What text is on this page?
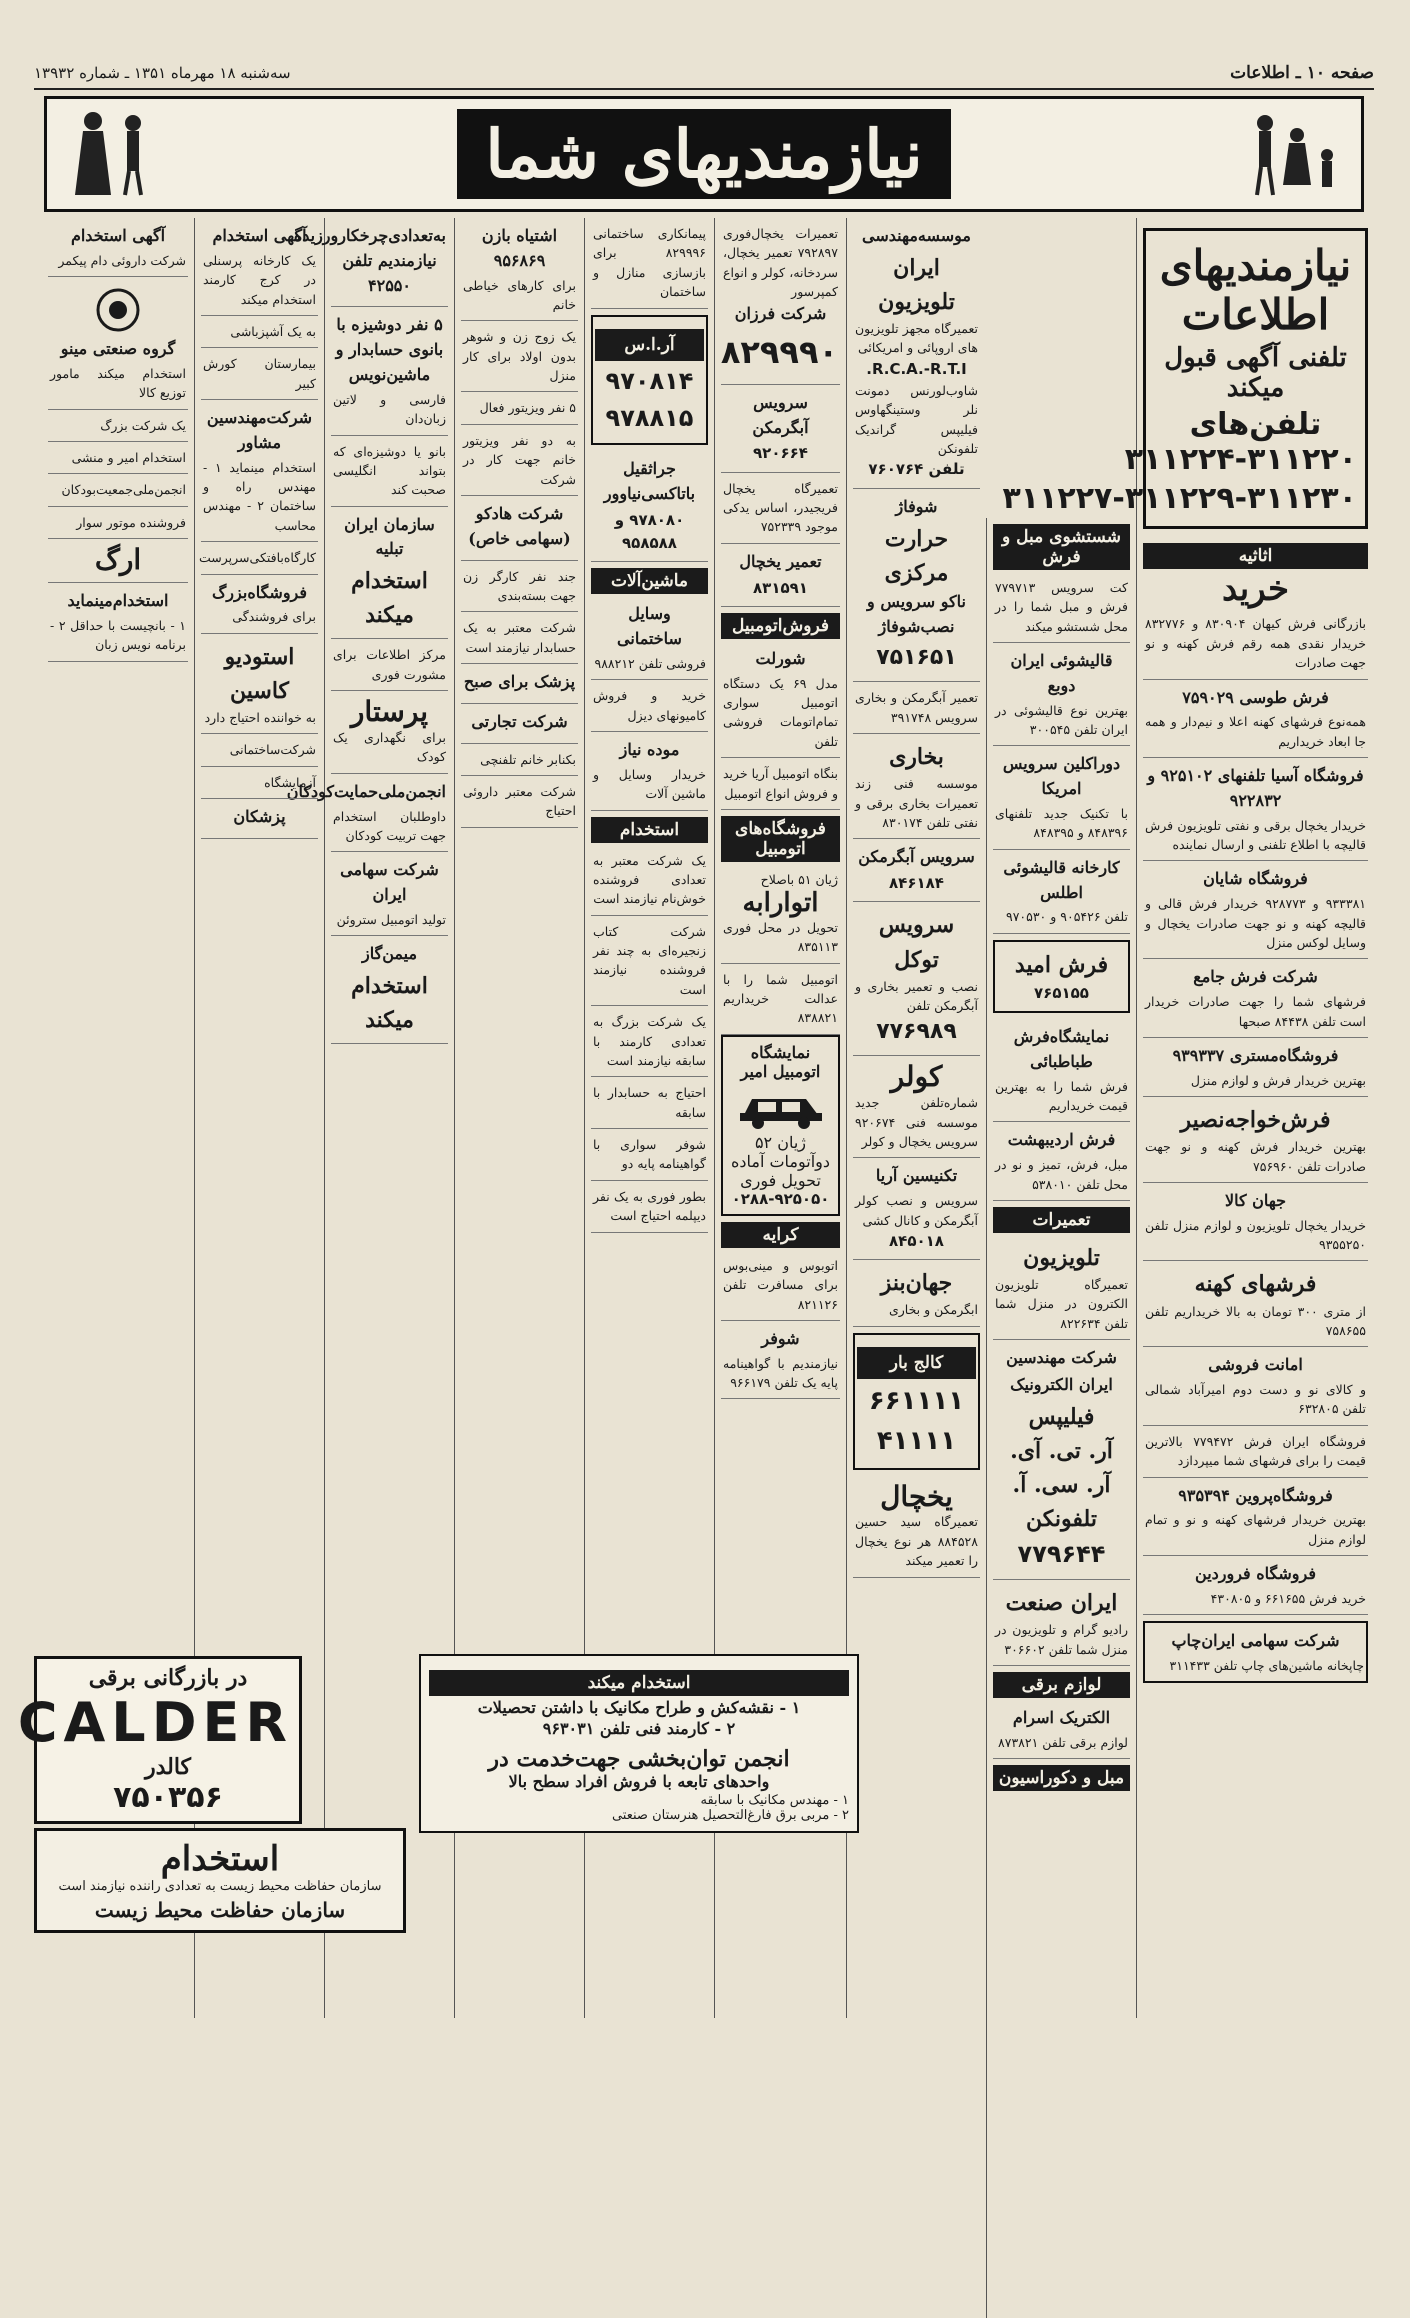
صفحه ۱۰ ـ اطلاعات
سه‌شنبه ۱۸ مهرماه ۱۳۵۱ ـ شماره ۱۳۹۳۲
نیازمندیهای شما
نیازمندیهای اطلاعات
تلفنی آگهی قبول میکند
تلفن‌های ۳۱۱۲۲۰-۳۱۱۲۲۴
۳۱۱۲۲۷-۳۱۱۲۲۹-۳۱۱۲۳۰
اثاثیه
خرید
بازرگانی فرش کیهان ۸۳۰۹۰۴ و ۸۳۲۷۷۶ خریدار نقدی همه رقم فرش کهنه و نو جهت صادرات
فرش طوسی ۷۵۹۰۲۹
همه‌نوع فرشهای کهنه اعلا و نیم‌دار و همه جا ابعاد خریداریم
فروشگاه آسیا تلفنهای ۹۲۵۱۰۲ و ۹۲۲۸۳۲
خریدار یخچال برقی و نفتی تلویزیون فرش قالیچه با اطلاع تلفنی و ارسال نماینده
فروشگاه شایان
۹۳۳۳۸۱ و ۹۲۸۷۷۳ خریدار فرش قالی و قالیچه کهنه و نو جهت صادرات یخچال و وسایل لوکس منزل
شرکت فرش جامع
فرشهای شما را جهت صادرات خریدار است تلفن ۸۴۴۳۸ صبحها
فروشگاه‌مستری ۹۳۹۳۳۷
بهترین خریدار فرش و لوازم منزل
فرش‌خواجه‌نصیر
بهترین خریدار فرش کهنه و نو جهت صادرات تلفن ۷۵۶۹۶۰
جهان کالا
خریدار یخچال تلویزیون و لوازم منزل تلفن ۹۳۵۵۲۵۰
فرشهای کهنه
از متری ۳۰۰ تومان به بالا خریداریم تلفن ۷۵۸۶۵۵
امانت فروشی
و کالای نو و دست دوم امیرآباد شمالی تلفن ۶۳۲۸۰۵
فروشگاه ایران فرش ۷۷۹۴۷۲ بالاترین قیمت را برای فرشهای شما میپردازد
فروشگاه‌پروین ۹۳۵۳۹۴
بهترین خریدار فرشهای کهنه و نو و تمام لوازم منزل
فروشگاه فروردین
خرید فرش ۶۶۱۶۵۵ و ۴۳۰۸۰۵
شرکت سهامی ایران‌چاپ
چاپخانه ماشین‌های چاپ تلفن ۳۱۱۴۳۳
شستشوی مبل و فرش
کت سرویس ۷۷۹۷۱۳ فرش و مبل شما را در محل شستشو میکند
قالیشوئی ایران دوبع
بهترین نوع قالیشوئی در ایران تلفن ۳۰۰۵۴۵
دوراکلین سرویس امریکا
با تکنیک جدید تلفنهای ۸۴۸۳۹۶ و ۸۴۸۳۹۵
کارخانه قالیشوئی اطلس
تلفن ۹۰۵۴۲۶ و ۹۷۰۵۳۰
فرش امید
۷۶۵۱۵۵
نمایشگاه‌فرش طباطبائی
فرش شما را به بهترین قیمت خریداریم
فرش اردیبهشت
مبل، فرش، تمیز و نو در محل تلفن ۵۳۸۰۱۰
تعمیرات
تلویزیون
تعمیرگاه تلویزیون الکترون در منزل شما تلفن ۸۲۲۶۳۴
شرکت مهندسین
ایران الکترونیک
فیلیپس
آر. تی. آی.
آر. سی. آ.
تلفونکن
۷۷۹۶۴۴
ایران صنعت
رادیو گرام و تلویزیون در منزل شما تلفن ۳۰۶۶۰۲
لوازم برقی
الکتریک اسرام
لوازم برقی تلفن ۸۷۳۸۲۱
مبل و دکوراسیون
موسسه‌مهندسی
ایران تلویزیون
تعمیرگاه مجهز تلویزیون های اروپائی و امریکائی
R.C.A.-R.T.I.
شاوب‌لورنس دمونت نلر وستینگهاوس فیلیپس گراندیک تلفونکن
تلفن ۷۶۰۷۶۴
شوفاژ
حرارت مرکزی
ناکو سرویس و نصب‌شوفاژ
۷۵۱۶۵۱
تعمیر آبگرمکن و بخاری سرویس ۳۹۱۷۴۸
بخاری
موسسه فنی زند تعمیرات بخاری برقی و نفتی تلفن ۸۳۰۱۷۴
سرویس آبگرمکن
۸۴۶۱۸۴
سرویس توکل
نصب و تعمیر بخاری و آبگرمکن تلفن
۷۷۶۹۸۹
کولر
شماره‌تلفن جدید موسسه فنی ۹۲۰۶۷۴ سرویس یخچال و کولر
تکنیسین آریا
سرویس و نصب کولر آبگرمکن و کانال کشی
۸۴۵۰۱۸
جهان‌بنز
ابگرمکن و بخاری
کالج بار
۶۶۱۱۱۱ ۴۱۱۱۱
یخچال
تعمیرگاه سید حسین ۸۸۴۵۲۸ هر نوع یخچال را تعمیر میکند
تعمیرات یخچال‌فوری ۷۹۲۸۹۷ تعمیر یخچال، سردخانه، کولر و انواع کمپرسور
شرکت فرزان
۸۲۹۹۹۰
سرویس آبگرمکن
۹۲۰۶۶۴
تعمیرگاه یخچال فریجیدر، اساس یدکی موجود ۷۵۲۳۳۹
تعمیر یخچال
۸۳۱۵۹۱
فروش‌اتومبیل
شورلت
مدل ۶۹ یک دستگاه اتومبیل سواری تمام‌اتومات فروشی تلفن
بنگاه اتومبیل آریا خرید و فروش انواع اتومبیل
فروشگاه‌های اتومبیل
ژیان ۵۱ باصلاح
اتوارابه
تحویل در محل فوری ۸۳۵۱۱۳
اتومبیل شما را با عدالت خریداریم ۸۳۸۸۲۱
نمایشگاه اتومبیل امیر
ژیان ۵۲ دوآتومات آماده تحویل فوری
۰۲۸۸-۹۲۵۰۵۰
کرایه
اتوبوس و مینی‌بوس برای مسافرت تلفن ۸۲۱۱۲۶
شوفر
نیازمندیم با گواهینامه پایه یک تلفن ۹۶۶۱۷۹
پیمانکاری ساختمانی ۸۲۹۹۹۶ برای بازسازی منازل و ساختمان
آر.ا.س
۹۷۰۸۱۴
۹۷۸۸۱۵
جراثقیل باتاکسی‌نیاوور
۹۷۸۰۸۰ و ۹۵۸۵۸۸
ماشین‌آلات
وسایل ساختمانی
فروشی تلفن ۹۸۸۲۱۲
خرید و فروش کامیونهای دیزل
موده نیاز
خریدار وسایل و ماشین آلات
استخدام
یک شرکت معتبر به تعدادی فروشنده خوش‌نام نیازمند است
شرکت کتاب زنجیره‌ای به چند نفر فروشنده نیازمند است
یک شرکت بزرگ به تعدادی کارمند با سابقه نیازمند است
احتیاج به حسابدار با سابقه
شوفر سواری با گواهینامه پایه دو
بطور فوری به یک نفر دیپلمه احتیاج است
اشتیاه بازن ۹۵۶۸۶۹
برای کارهای خیاطی خانم
یک زوج زن و شوهر بدون اولاد برای کار منزل
۵ نفر ویزیتور فعال
به دو نفر ویزیتور خانم جهت کار در شرکت
شرکت هادکو (سهامی خاص)
جند نفر کارگر زن جهت بسته‌بندی
شرکت معتبر به یک حسابدار نیازمند است
پزشک برای صبح
شرکت تجارتی
بکنابر خانم تلفنچی
شرکت معتبر داروئی احتیاج
به‌تعدادی‌چرخکارورزیده نیازمندیم تلفن ۴۲۵۵۰
۵ نفر دوشیزه با بانوی حسابدار و ماشین‌نویس
فارسی و لاتین زبان‌دان
بانو یا دوشیزه‌ای که بتواند انگلیسی صحبت کند
سازمان ایران تبلیه
استخدام میکند
مرکز اطلاعات برای مشورت فوری
پرستار
برای نگهداری یک کودک
انجمن‌ملی‌حمایت‌کودکان
داوطلبان استخدام جهت تربیت کودکان
شرکت سهامی ایران
تولید اتومبیل ستروئن
میمن‌گاز
استخدام میکند
آگهی استخدام
یک کارخانه پرسنلی در کرج کارمند استخدام میکند
به یک آشپزباشی
بیمارستان کورش کبیر
شرکت‌مهندسین مشاور
استخدام مینماید ۱ - مهندس راه و ساختمان ۲ - مهندس محاسب
کارگاه‌بافتکی‌سرپرست
فروشگاه‌بزرگ
برای فروشندگی
استودیو کاسین
به خواننده احتیاج دارد
شرکت‌ساختمانی
آزمایشگاه
پزشکان
آگهی استخدام
شرکت داروئی دام پیکمر
گروه صنعتی مینو
استخدام میکند مامور توزیع کالا
یک شرکت بزرگ
استخدام امیر و منشی
انجمن‌ملی‌جمعیت‌بودکان
فروشنده موتور سوار
ارگ
استخدام‌مینماید
۱ - بانچیست با حداقل ۲ - برنامه نویس زبان
در بازرگانی برقی
CALDER
کالدر
۷۵۰۳۵۶
استخدام
سازمان حفاظت محیط زیست به تعدادی راننده نیازمند است
سازمان حفاظت محیط زیست
استخدام میکند
۱ - نقشه‌کش و طراح مکانیک با داشتن تحصیلات
۲ - کارمند فنی تلفن ۹۶۳۰۳۱
انجمن توان‌بخشی جهت‌خدمت در
واحدهای تابعه با فروش افراد سطح بالا
۱ - مهندس مکانیک با سابقه
۲ - مربی برق فارغ‌التحصیل هنرستان صنعتی
